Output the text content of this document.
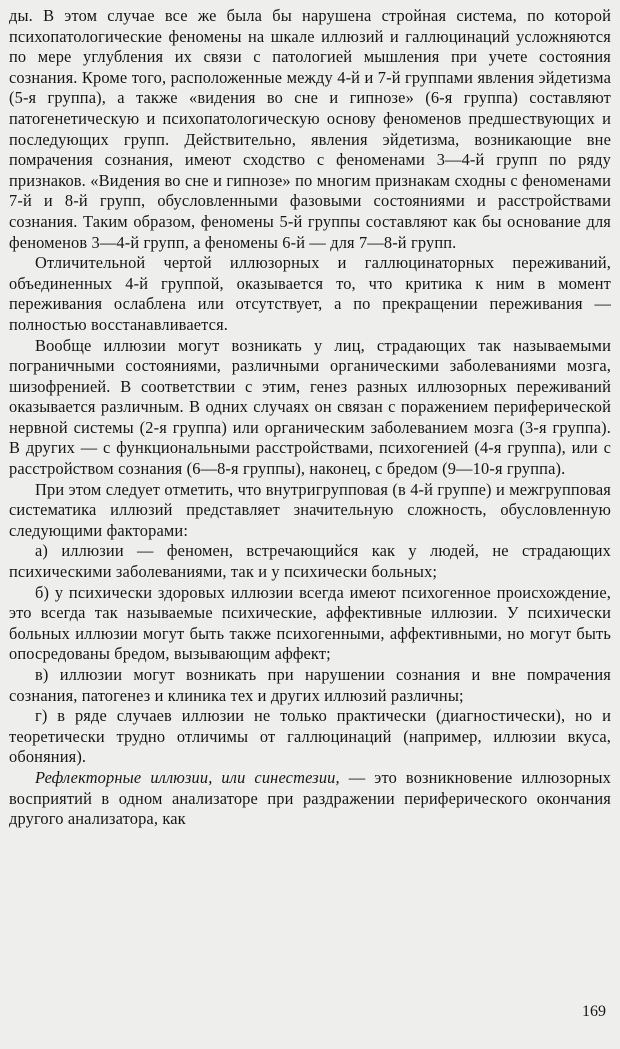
ды. В этом случае все же была бы нарушена стройная система, по которой психопатологические феномены на шкале иллюзий и галлюцинаций усложняются по мере углубления их связи с патологией мышления при учете состояния сознания. Кроме того, расположенные между 4-й и 7-й группами явления эйдетизма (5-я группа), а также «видения во сне и гипнозе» (6-я группа) составляют патогенетическую и психопатологическую основу феноменов предшествующих и последующих групп. Действительно, явления эйдетизма, возникающие вне помрачения сознания, имеют сходство с феноменами 3—4-й групп по ряду признаков. «Видения во сне и гипнозе» по многим признакам сходны с феноменами 7-й и 8-й групп, обусловленными фазовыми состояниями и расстройствами сознания. Таким образом, феномены 5-й группы составляют как бы основание для феноменов 3—4-й групп, а феномены 6-й — для 7—8-й групп.

Отличительной чертой иллюзорных и галлюцинаторных переживаний, объединенных 4-й группой, оказывается то, что критика к ним в момент переживания ослаблена или отсутствует, а по прекращении переживания — полностью восстанавливается.

Вообще иллюзии могут возникать у лиц, страдающих так называемыми пограничными состояниями, различными органическими заболеваниями мозга, шизофренией. В соответствии с этим, генез разных иллюзорных переживаний оказывается различным. В одних случаях он связан с поражением периферической нервной системы (2-я группа) или органическим заболеванием мозга (3-я группа). В других — с функциональными расстройствами, психогенией (4-я группа), или с расстройством сознания (6—8-я группы), наконец, с бредом (9—10-я группа).

При этом следует отметить, что внутригрупповая (в 4-й группе) и межгрупповая систематика иллюзий представляет значительную сложность, обусловленную следующими факторами:

а) иллюзии — феномен, встречающийся как у людей, не страдающих психическими заболеваниями, так и у психически больных;

б) у психически здоровых иллюзии всегда имеют психогенное происхождение, это всегда так называемые психические, аффективные иллюзии. У психически больных иллюзии могут быть также психогенными, аффективными, но могут быть опосредованы бредом, вызывающим аффект;

в) иллюзии могут возникать при нарушении сознания и вне помрачения сознания, патогенез и клиника тех и других иллюзий различны;

г) в ряде случаев иллюзии не только практически (диагностически), но и теоретически трудно отличимы от галлюцинаций (например, иллюзии вкуса, обоняния).

Рефлекторные иллюзии, или синестезии, — это возникновение иллюзорных восприятий в одном анализаторе при раздражении периферического окончания другого анализатора, как

169
